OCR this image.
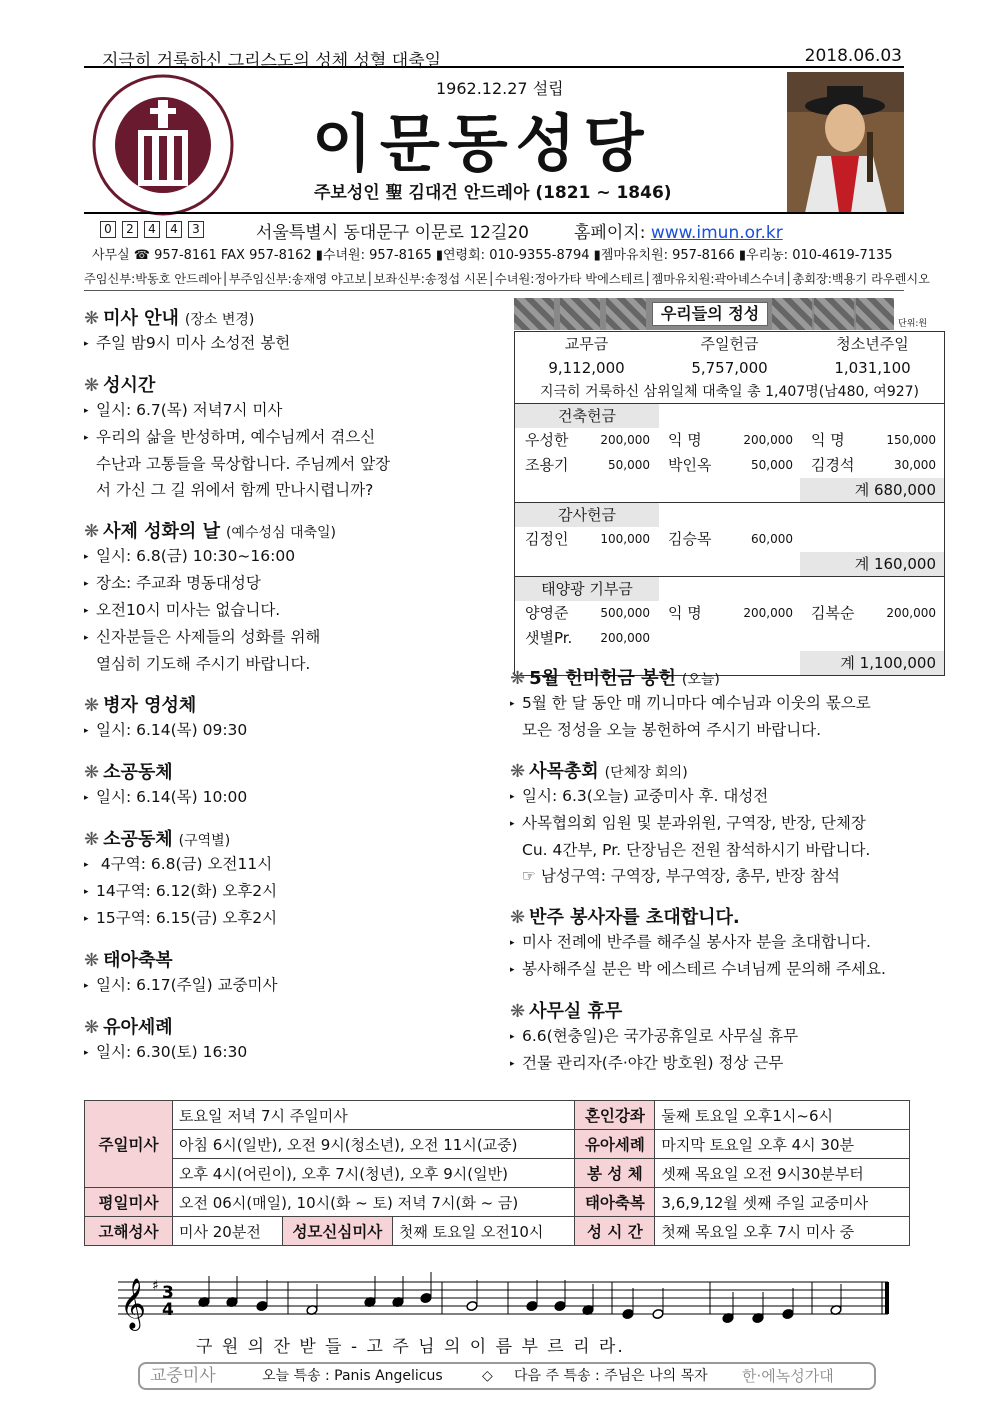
지극히 거룩하신 그리스도의 성체 성혈 대축일	2018.06.03
1962.12.27 설립
이문동성당
주보성인 聖 김대건 안드레아 (1821 ~ 1846)
0 2 4 4 3	서울특별시 동대문구 이문로 12길20	홈페이지: www.imun.or.kr
사무실 ☎ 957-8161 FAX 957-8162 ▮수녀원: 957-8165 ▮연령회: 010-9355-8794 ▮젬마유치원: 957-8166 ▮우리농: 010-4619-7135
주임신부:박동호 안드레아│부주임신부:송재영 야고보│보좌신부:송정섭 시몬│수녀원:정아가타 박에스테르│젬마유치원:곽아녜스수녀│총회장:백용기 라우렌시오
❋ 미사 안내 (장소 변경)
▸ 주일 밤9시 미사 소성전 봉헌
❋ 성시간
▸ 일시: 6.7(목) 저녁7시 미사
▸ 우리의 삶을 반성하며, 예수님께서 겪으신
수난과 고통들을 묵상합니다. 주님께서 앞장
서 가신 그 길 위에서 함께 만나시렵니까?
❋ 사제 성화의 날 (예수성심 대축일)
▸ 일시: 6.8(금) 10:30~16:00
▸ 장소: 주교좌 명동대성당
▸ 오전10시 미사는 없습니다.
▸ 신자분들은 사제들의 성화를 위해
열심히 기도해 주시기 바랍니다.
❋ 병자 영성체
▸ 일시: 6.14(목) 09:30
❋ 소공동체
▸ 일시: 6.14(목) 10:00
❋ 소공동체 (구역별)
▸ 4구역: 6.8(금) 오전11시
▸ 14구역: 6.12(화) 오후2시
▸ 15구역: 6.15(금) 오후2시
❋ 태아축복
▸ 일시: 6.17(주일) 교중미사
❋ 유아세례
▸ 일시: 6.30(토) 16:30
우리들의 정성
단위:원
교무금	주일헌금	청소년주일
9,112,000	5,757,000	1,031,100
지극히 거룩하신 삼위일체 대축일 총 1,407명(남480, 여927)
건축헌금
우성한	200,000 익 명	200,000 익 명	150,000
조용기	50,000 박인옥	50,000 김경석	30,000
계 680,000
감사헌금
김정인	100,000 김승목	60,000
계 160,000
태양광 기부금
양영준	500,000 익 명	200,000 김복순	200,000
샛별Pr. 200,000
계 1,100,000
❋ 5월 헌미헌금 봉헌 (오늘)
▸ 5월 한 달 동안 매 끼니마다 예수님과 이웃의 몫으로
모은 정성을 오늘 봉헌하여 주시기 바랍니다.
❋ 사목총회 (단체장 회의)
▸ 일시: 6.3(오늘) 교중미사 후. 대성전
▸ 사목협의회 임원 및 분과위원, 구역장, 반장, 단체장
Cu. 4간부, Pr. 단장님은 전원 참석하시기 바랍니다.
☞ 남성구역: 구역장, 부구역장, 총무, 반장 참석
❋ 반주 봉사자를 초대합니다.
▸ 미사 전례에 반주를 해주실 봉사자 분을 초대합니다.
▸ 봉사해주실 분은 박 에스테르 수녀님께 문의해 주세요.
❋ 사무실 휴무
▸ 6.6(현충일)은 국가공휴일로 사무실 휴무
▸ 건물 관리자(주·야간 방호원) 정상 근무
주일미사	토요일 저녁 7시 주일미사			혼인강좌	둘째 토요일 오후1시~6시
	아침 6시(일반), 오전 9시(청소년), 오전 11시(교중)			유아세례	마지막 토요일 오후 4시 30분
	오후 4시(어린이), 오후 7시(청년), 오후 9시(일반)			봉 성 체	셋째 목요일 오전 9시30분부터
평일미사	오전 06시(매일), 10시(화 ~ 토) 저녁 7시(화 ~ 금)			태아축복	3,6,9,12월 셋째 주일 교중미사
고해성사	미사 20분전	성모신심미사	첫째 토요일 오전10시	성 시 간	첫째 목요일 오후 7시 미사 중
𝄞 ♯ 3
4
구 원 의 잔 받 들 - 고 주 님 의 이 름 부 르 리 라.
교중미사	오늘 특송 : Panis Angelicus	◇ 다음 주 특송 : 주님은 나의 목자 한·에녹성가대
